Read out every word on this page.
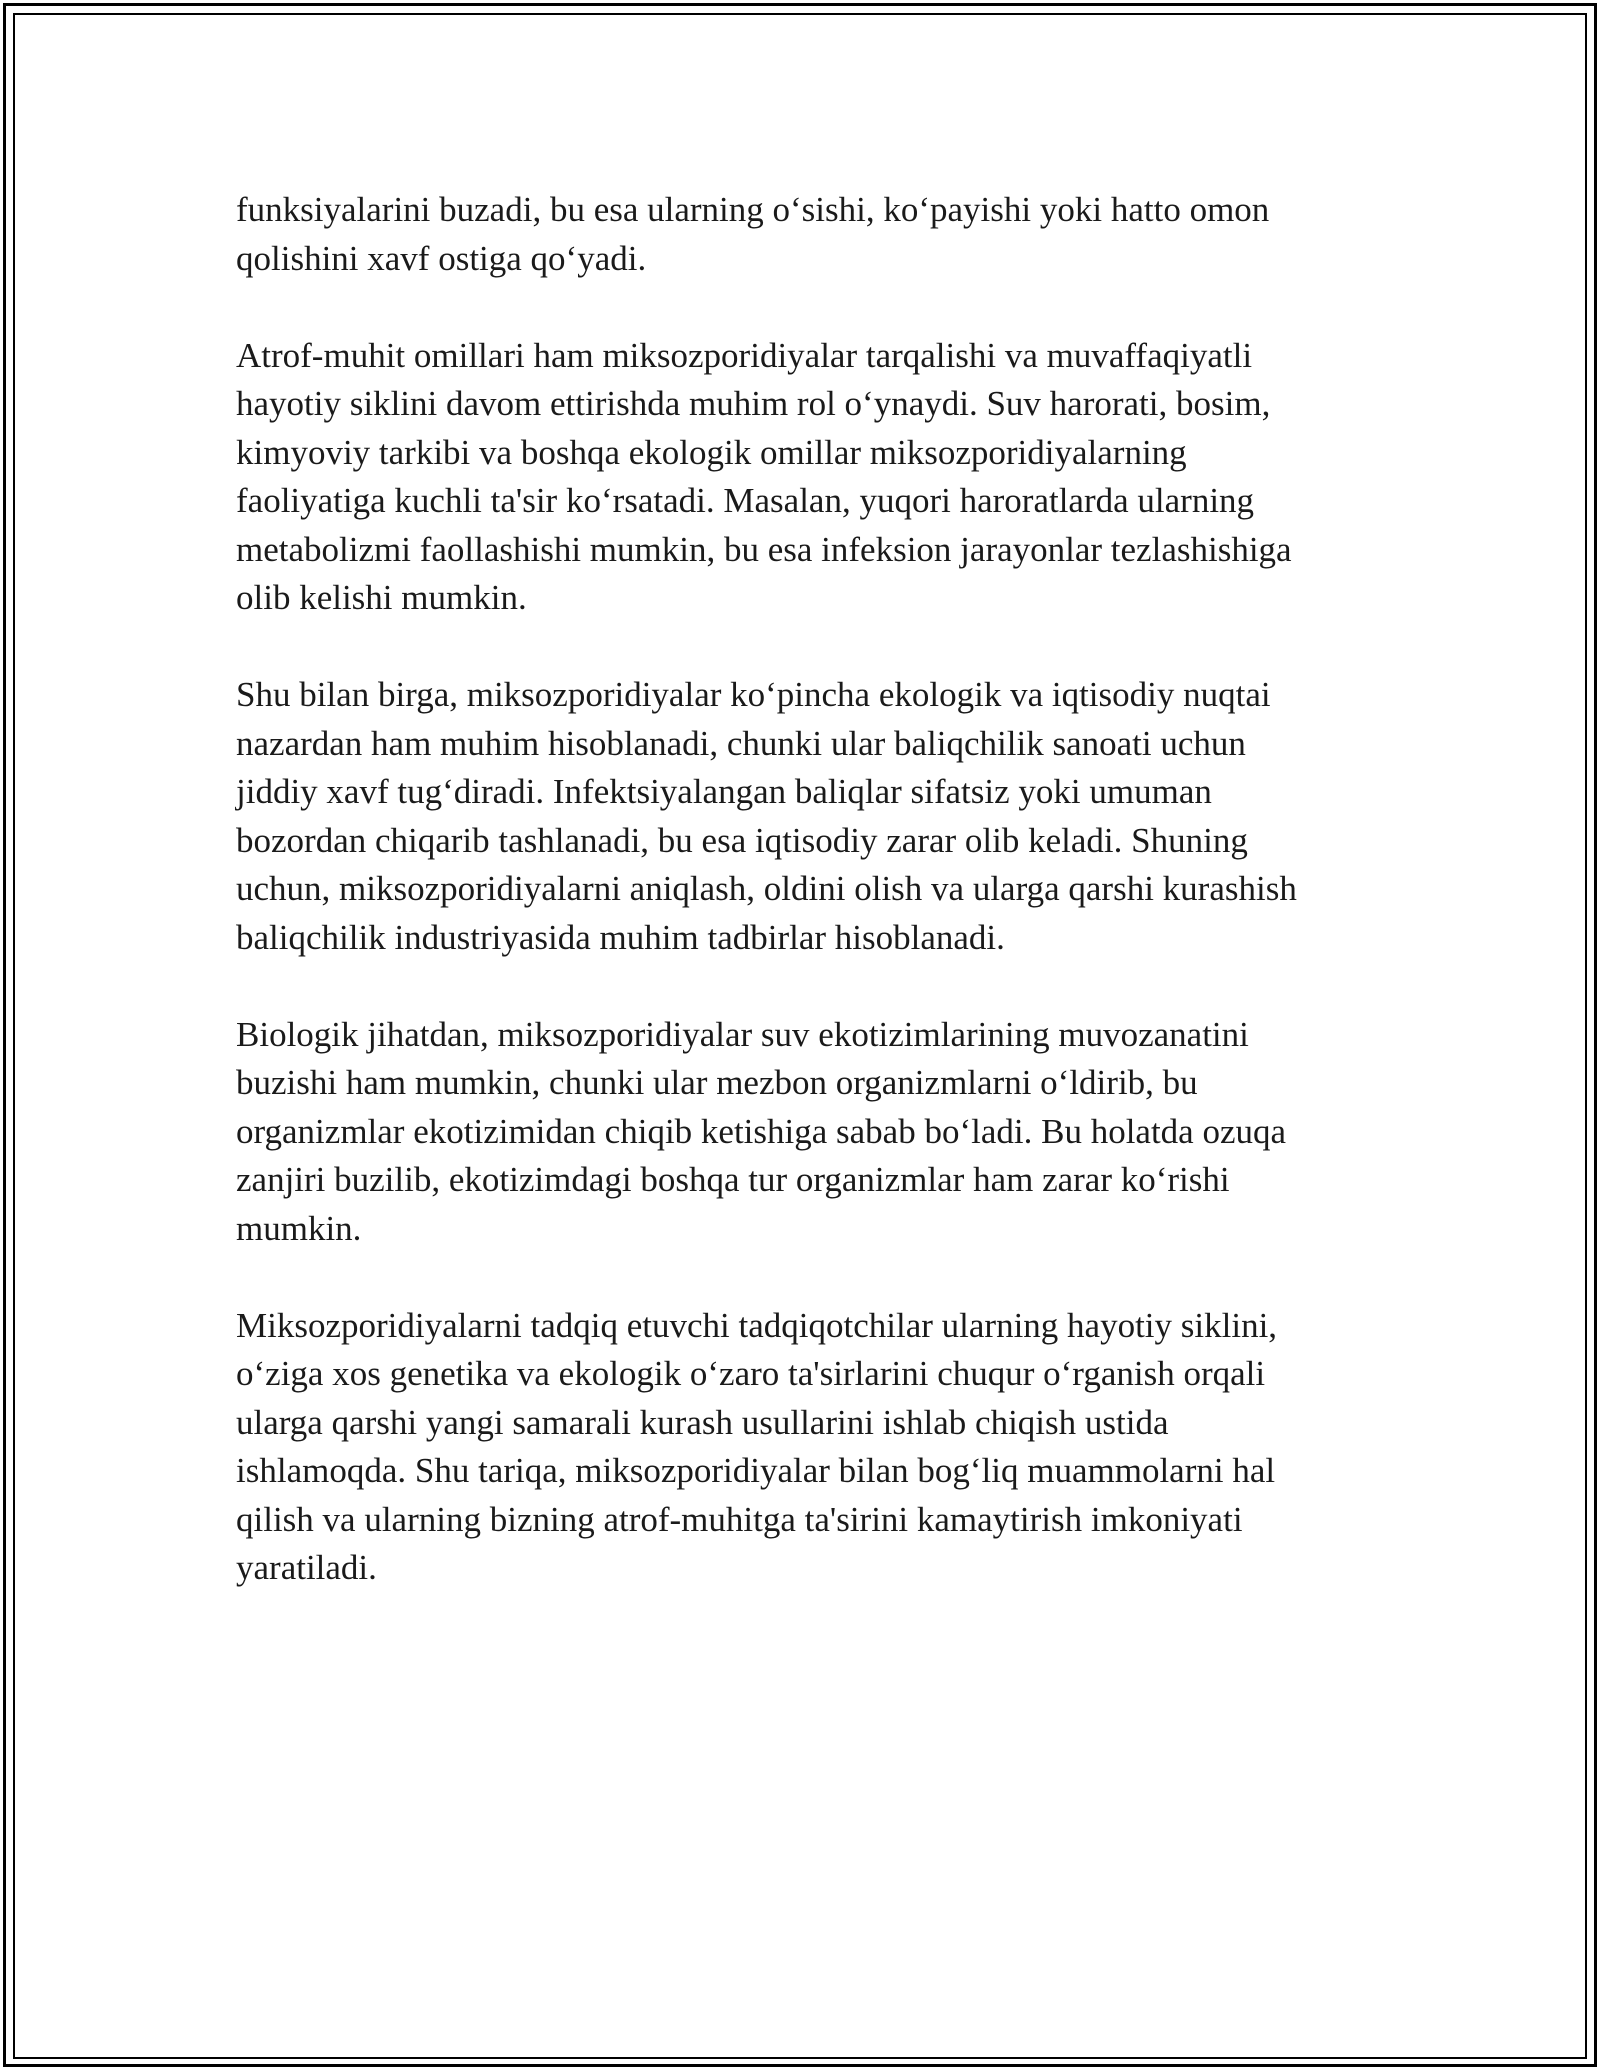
funksiyalarini buzadi, bu esa ularning o‘sishi, ko‘payishi yoki hatto omon
qolishini xavf ostiga qo‘yadi.

Atrof-muhit omillari ham miksozporidiyalar tarqalishi va muvaffaqiyatli
hayotiy siklini davom ettirishda muhim rol o‘ynaydi. Suv harorati, bosim,
kimyoviy tarkibi va boshqa ekologik omillar miksozporidiyalarning
faoliyatiga kuchli ta'sir ko‘rsatadi. Masalan, yuqori haroratlarda ularning
metabolizmi faollashishi mumkin, bu esa infeksion jarayonlar tezlashishiga
olib kelishi mumkin.

Shu bilan birga, miksozporidiyalar ko‘pincha ekologik va iqtisodiy nuqtai
nazardan ham muhim hisoblanadi, chunki ular baliqchilik sanoati uchun
jiddiy xavf tug‘diradi. Infektsiyalangan baliqlar sifatsiz yoki umuman
bozordan chiqarib tashlanadi, bu esa iqtisodiy zarar olib keladi. Shuning
uchun, miksozporidiyalarni aniqlash, oldini olish va ularga qarshi kurashish
baliqchilik industriyasida muhim tadbirlar hisoblanadi.

Biologik jihatdan, miksozporidiyalar suv ekotizimlarining muvozanatini
buzishi ham mumkin, chunki ular mezbon organizmlarni o‘ldirib, bu
organizmlar ekotizimidan chiqib ketishiga sabab bo‘ladi. Bu holatda ozuqa
zanjiri buzilib, ekotizimdagi boshqa tur organizmlar ham zarar ko‘rishi
mumkin.

Miksozporidiyalarni tadqiq etuvchi tadqiqotchilar ularning hayotiy siklini,
o‘ziga xos genetika va ekologik o‘zaro ta'sirlarini chuqur o‘rganish orqali
ularga qarshi yangi samarali kurash usullarini ishlab chiqish ustida
ishlamoqda. Shu tariqa, miksozporidiyalar bilan bog‘liq muammolarni hal
qilish va ularning bizning atrof-muhitga ta'sirini kamaytirish imkoniyati
yaratiladi.
